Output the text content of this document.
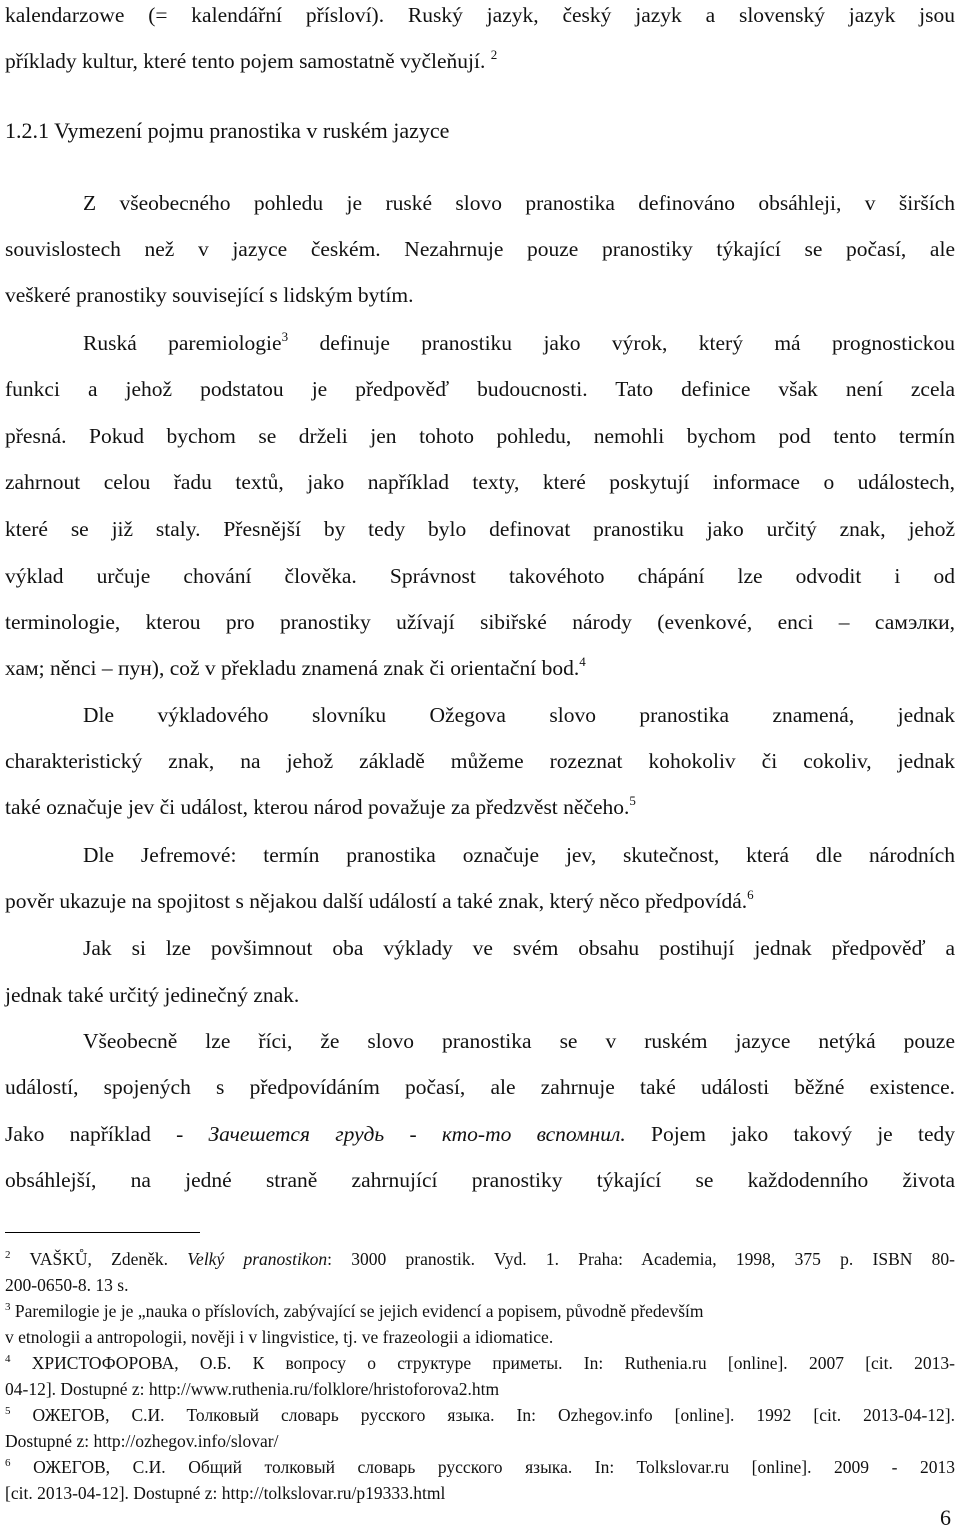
kalendarzowe (= kalendářní přísloví). Ruský jazyk, český jazyk a slovenský jazyk jsou

příklady kultur, které tento pojem samostatně vyčleňují. $^2$

1.2.1 Vymezení pojmu pranostika v ruském jazyce

Z všeobecného pohledu je ruské slovo pranostika definováno obsáhleji, v širších

souvislostech než v jazyce českém. Nezahrnuje pouze pranostiky týkající se počasí, ale

veškeré pranostiky související s lidským bytím.

Ruská paremiologie$^3$ definuje pranostiku jako výrok, který má prognostickou

funkci a jehož podstatou je předpověď budoucnosti. Tato definice však není zcela

přesná. Pokud bychom se drželi jen tohoto pohledu, nemohli bychom pod tento termín

zahrnout celou řadu textů, jako například texty, které poskytují informace o událostech,

které se již staly. Přesnější by tedy bylo definovat pranostiku jako určitý znak, jehož

výklad určuje chování člověka. Správnost takovéhoto chápání lze odvodit i od

terminologie, kterou pro pranostiky užívají sibiřské národy (evenkové, enci – самэлки,

хам; něnci – пун), což v překladu znamená znak či orientační bod.$^4$

Dle výkladového slovníku Ožegova slovo pranostika znamená, jednak

charakteristický znak, na jehož základě můžeme rozeznat kohokoliv či cokoliv, jednak

také označuje jev či událost, kterou národ považuje za předzvěst něčeho.$^5$

Dle Jefremové: termín pranostika označuje jev, skutečnost, která dle národních

pověr ukazuje na spojitost s nějakou další událostí a také znak, který něco předpovídá.$^6$

Jak si lze povšimnout oba výklady ve svém obsahu postihují jednak předpověď a

jednak také určitý jedinečný znak.

Všeobecně lze říci, že slovo pranostika se v ruském jazyce netýká pouze

událostí, spojených s předpovídáním počasí, ale zahrnuje také události běžné existence.

Jako například - Зачешется грудь - кто-то вспомнил. Pojem jako takový je tedy

obsáhlejší, na jedné straně zahrnující pranostiky týkající se každodenního života

$^2$ VAŠKŮ, Zdeněk. Velký pranostikon: 3000 pranostik. Vyd. 1. Praha: Academia, 1998, 375 p. ISBN 80-

200-0650-8. 13 s.

$^3$ Paremilogie je je „nauka o příslovích, zabývající se jejich evidencí a popisem, původně především

v etnologii a antropologii, nověji i v lingvistice, tj. ve frazeologii a idiomatice.

$^4$ ХРИСТОФОРОВА, О.Б. К вопросу о структуре приметы. In: Ruthenia.ru [online]. 2007 [cit. 2013-

04-12]. Dostupné z: http://www.ruthenia.ru/folklore/hristoforova2.htm

$^5$ ОЖЕГОВ, С.И. Толковый словарь русского языка. In: Ozhegov.info [online]. 1992 [cit. 2013-04-12].

Dostupné z: http://ozhegov.info/slovar/

$^6$ ОЖЕГОВ, С.И. Общий толковый словарь русского языка. In: Tolkslovar.ru [online]. 2009 - 2013

[cit. 2013-04-12]. Dostupné z: http://tolkslovar.ru/p19333.html

6
